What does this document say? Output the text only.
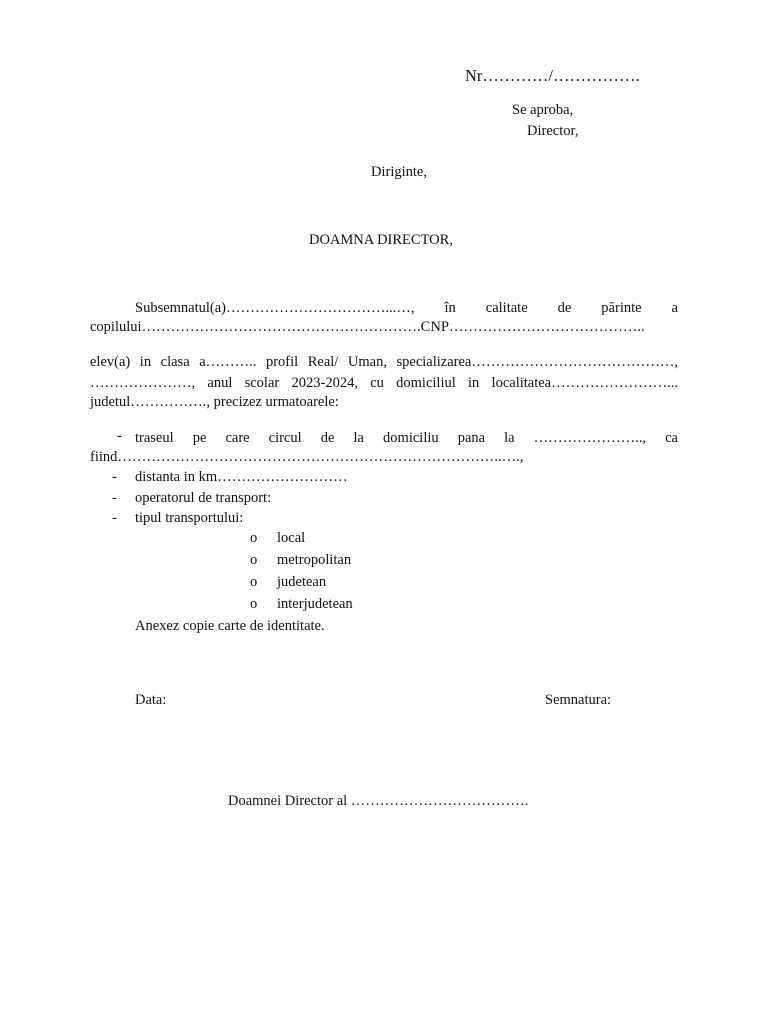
Nr…………/…………….
Se aproba,
Director,
Diriginte,
DOAMNA DIRECTOR,
Subsemnatul(a)……………………………...…, în calitate de părinte a
copilului………………………………………………….CNP…………………………………..
elev(a) in clasa a……….. profil Real/ Uman, specializarea……………………………………,
…………………, anul scolar 2023-2024, cu domiciliul in localitatea……………………...
judetul……………., precizez urmatoarele:
- traseul pe care circul de la domiciliu pana la ………………….., ca
fiind……………………………………………………………………..….,
- distanta in km………………………
- operatorul de transport:
- tipul transportului:
o local
o metropolitan
o judetean
o interjudetean
Anexez copie carte de identitate.
Data:	Semnatura:
Doamnei Director al ……………………………….
